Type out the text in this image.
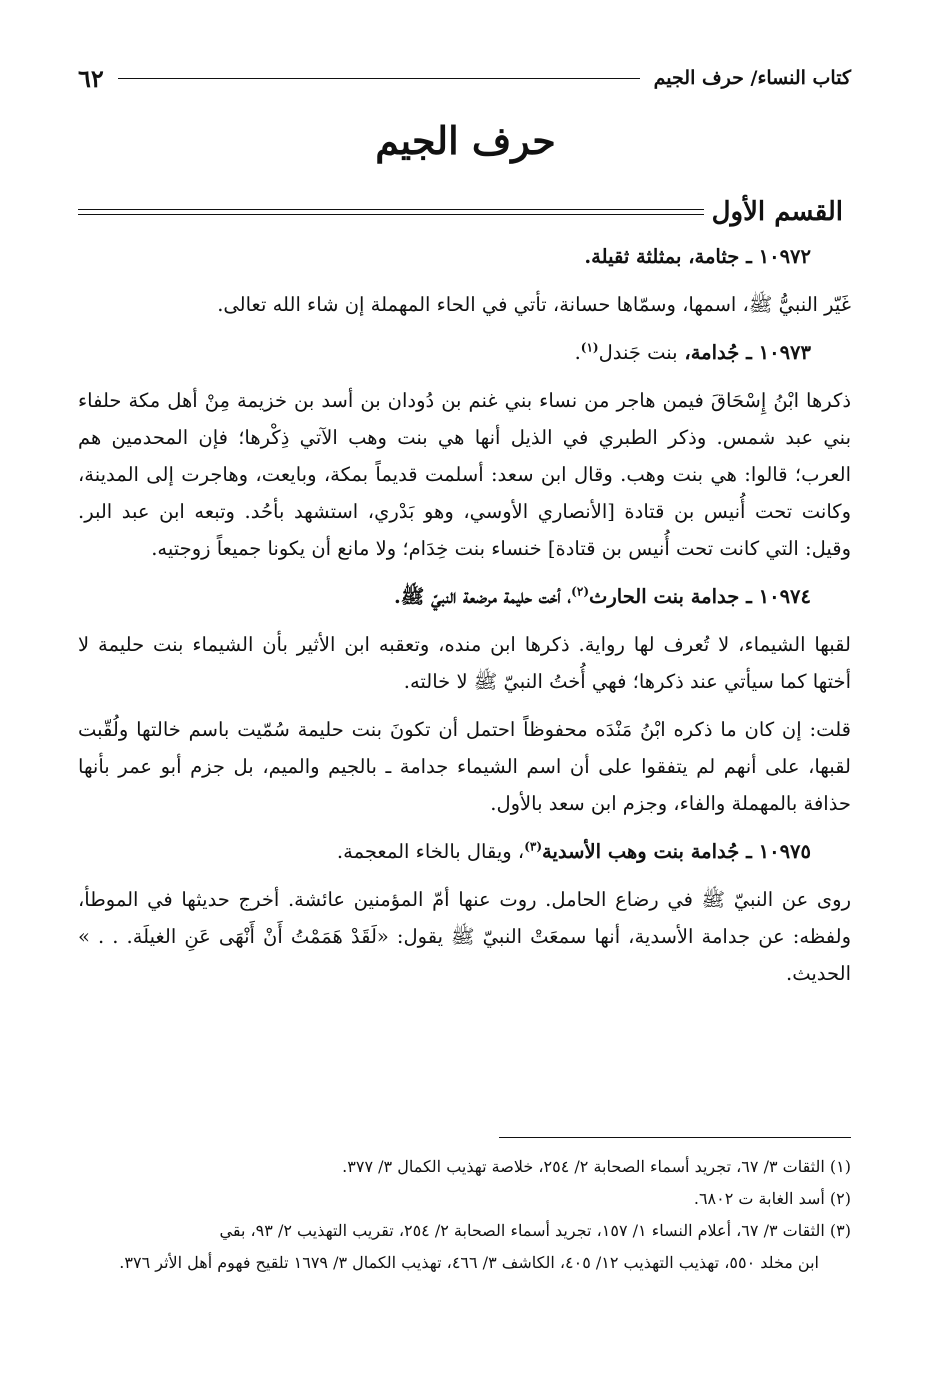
كتاب النساء/ حرف الجيم
٦٢
حرف الجيم
القسم الأول

١٠٩٧٢ ـ جثامة، بمثلثة ثقيلة.

غَيّر النبيُّ ﷺ، اسمها، وسمّاها حسانة، تأتي في الحاء المهملة إن شاء الله تعالى.

١٠٩٧٣ ـ جُدامة، بنت جَندل$^{(١)}$.

ذكرها ابْنُ إِسْحَاقَ فيمن هاجر من نساء بني غنم بن دُودان بن أسد بن خزيمة مِنْ أهل مكة حلفاء بني عبد شمس. وذكر الطبري في الذيل أنها هي بنت وهب الآتي ذِكْرها؛ فإن المحدمين هم العرب؛ قالوا: هي بنت وهب. وقال ابن سعد: أسلمت قديماً بمكة، وبايعت، وهاجرت إلى المدينة، وكانت تحت أُنيس بن قتادة [الأنصاري الأوسي، وهو بَدْري، استشهد بأحُد. وتبعه ابن عبد البر. وقيل: التي كانت تحت أُنيس بن قتادة] خنساء بنت خِدَام؛ ولا مانع أن يكونا جميعاً زوجتيه.

١٠٩٧٤ ـ جدامة بنت الحارث$^{(٢)}$، أخت حليمة مرضعة النبيّ ﷺ.

لقبها الشيماء، لا تُعرف لها رواية. ذكرها ابن منده، وتعقبه ابن الأثير بأن الشيماء بنت حليمة لا أختها كما سيأتي عند ذكرها؛ فهي أُختُ النبيّ ﷺ لا خالته.

قلت: إن كان ما ذكره ابْنُ مَنْدَه محفوظاً احتمل أن تكونَ بنت حليمة سُمّيت باسم خالتها ولُقّبت لقبها، على أنهم لم يتفقوا على أن اسم الشيماء جدامة ـ بالجيم والميم، بل جزم أبو عمر بأنها حذافة بالمهملة والفاء، وجزم ابن سعد بالأول.

١٠٩٧٥ ـ جُدامة بنت وهب الأسدية$^{(٣)}$، ويقال بالخاء المعجمة.

روى عن النبيّ ﷺ في رضاع الحامل. روت عنها أمّ المؤمنين عائشة. أخرج حديثها في الموطأ، ولفظه: عن جدامة الأسدية، أنها سمعَتْ النبيّ ﷺ يقول: «لَقَدْ هَمَمْتُ أَنْ أَنْهَى عَنِ الغيلَة. . . » الحديث.

(١) الثقات ٣/ ٦٧، تجريد أسماء الصحابة ٢/ ٢٥٤، خلاصة تهذيب الكمال ٣/ ٣٧٧.

(٢) أسد الغابة ت ٦٨٠٢.

(٣) الثقات ٣/ ٦٧، أعلام النساء ١/ ١٥٧، تجريد أسماء الصحابة ٢/ ٢٥٤، تقريب التهذيب ٢/ ٩٣، بقي

ابن مخلد ٥٥٠، تهذيب التهذيب ١٢/ ٤٠٥، الكاشف ٣/ ٤٦٦، تهذيب الكمال ٣/ ١٦٧٩ تلقيح فهوم أهل الأثر ٣٧٦.
